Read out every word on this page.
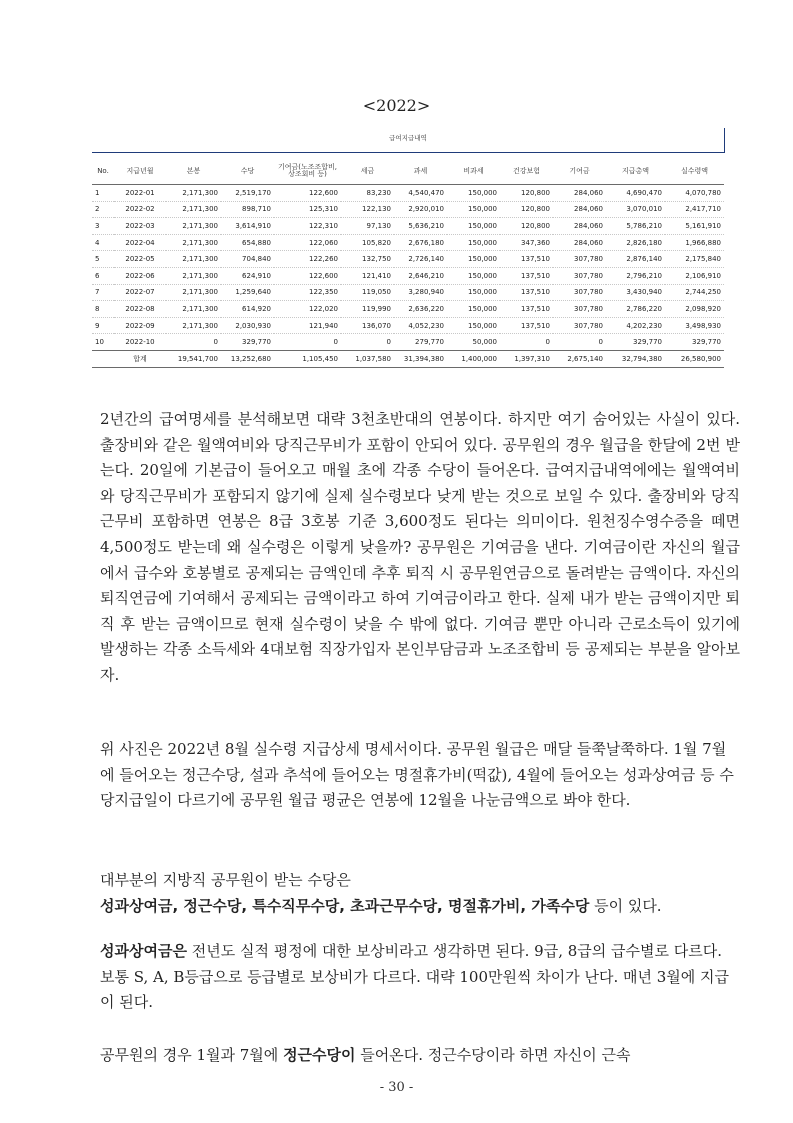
<2022>
급여지급내역
No.	지급년월	본봉	수당	기여금(노조조합비, 상조회비 등)	세금	과세	비과세	건강보험	기여금	지급총액	실수령액
1	2022-01	2,171,300	2,519,170	122,600	83,230	4,540,470	150,000	120,800	284,060	4,690,470	4,070,780
2	2022-02	2,171,300	898,710	125,310	122,130	2,920,010	150,000	120,800	284,060	3,070,010	2,417,710
3	2022-03	2,171,300	3,614,910	122,310	97,130	5,636,210	150,000	120,800	284,060	5,786,210	5,161,910
4	2022-04	2,171,300	654,880	122,060	105,820	2,676,180	150,000	347,360	284,060	2,826,180	1,966,880
5	2022-05	2,171,300	704,840	122,260	132,750	2,726,140	150,000	137,510	307,780	2,876,140	2,175,840
6	2022-06	2,171,300	624,910	122,600	121,410	2,646,210	150,000	137,510	307,780	2,796,210	2,106,910
7	2022-07	2,171,300	1,259,640	122,350	119,050	3,280,940	150,000	137,510	307,780	3,430,940	2,744,250
8	2022-08	2,171,300	614,920	122,020	119,990	2,636,220	150,000	137,510	307,780	2,786,220	2,098,920
9	2022-09	2,171,300	2,030,930	121,940	136,070	4,052,230	150,000	137,510	307,780	4,202,230	3,498,930
10	2022-10	0	329,770	0	0	279,770	50,000	0	0	329,770	329,770
	합계	19,541,700	13,252,680	1,105,450	1,037,580	31,394,380	1,400,000	1,397,310	2,675,140	32,794,380	26,580,900

2년간의 급여명세를 분석해보면 대략 3천초반대의 연봉이다. 하지만 여기 숨어있는 사실이 있다. 출장비와 같은 월액여비와 당직근무비가 포함이 안되어 있다. 공무원의 경우 월급을 한달에 2번 받는다. 20일에 기본급이 들어오고 매월 초에 각종 수당이 들어온다. 급여지급내역에에는 월액여비와 당직근무비가 포함되지 않기에 실제 실수령보다 낮게 받는 것으로 보일 수 있다. 출장비와 당직근무비 포함하면 연봉은 8급 3호봉 기준 3,600정도 된다는 의미이다. 원천징수영수증을 떼면 4,500정도 받는데 왜 실수령은 이렇게 낮을까? 공무원은 기여금을 낸다. 기여금이란 자신의 월급에서 급수와 호봉별로 공제되는 금액인데 추후 퇴직 시 공무원연금으로 돌려받는 금액이다. 자신의 퇴직연금에 기여해서 공제되는 금액이라고 하여 기여금이라고 한다. 실제 내가 받는 금액이지만 퇴직 후 받는 금액이므로 현재 실수령이 낮을 수 밖에 없다. 기여금 뿐만 아니라 근로소득이 있기에 발생하는 각종 소득세와 4대보험 직장가입자 본인부담금과 노조조합비 등 공제되는 부분을 알아보자.

위 사진은 2022년 8월 실수령 지급상세 명세서이다. 공무원 월급은 매달 들쭉날쭉하다. 1월 7월에 들어오는 정근수당, 설과 추석에 들어오는 명절휴가비(떡값), 4월에 들어오는 성과상여금 등 수당지급일이 다르기에 공무원 월급 평균은 연봉에 12월을 나눈금액으로 봐야 한다.

대부분의 지방직 공무원이 받는 수당은
성과상여금, 정근수당, 특수직무수당, 초과근무수당, 명절휴가비, 가족수당 등이 있다.

성과상여금은 전년도 실적 평정에 대한 보상비라고 생각하면 된다. 9급, 8급의 급수별로 다르다. 보통 S, A, B등급으로 등급별로 보상비가 다르다. 대략 100만원씩 차이가 난다. 매년 3월에 지급이 된다.

공무원의 경우 1월과 7월에 정근수당이 들어온다. 정근수당이라 하면 자신이 근속

- 30 -
